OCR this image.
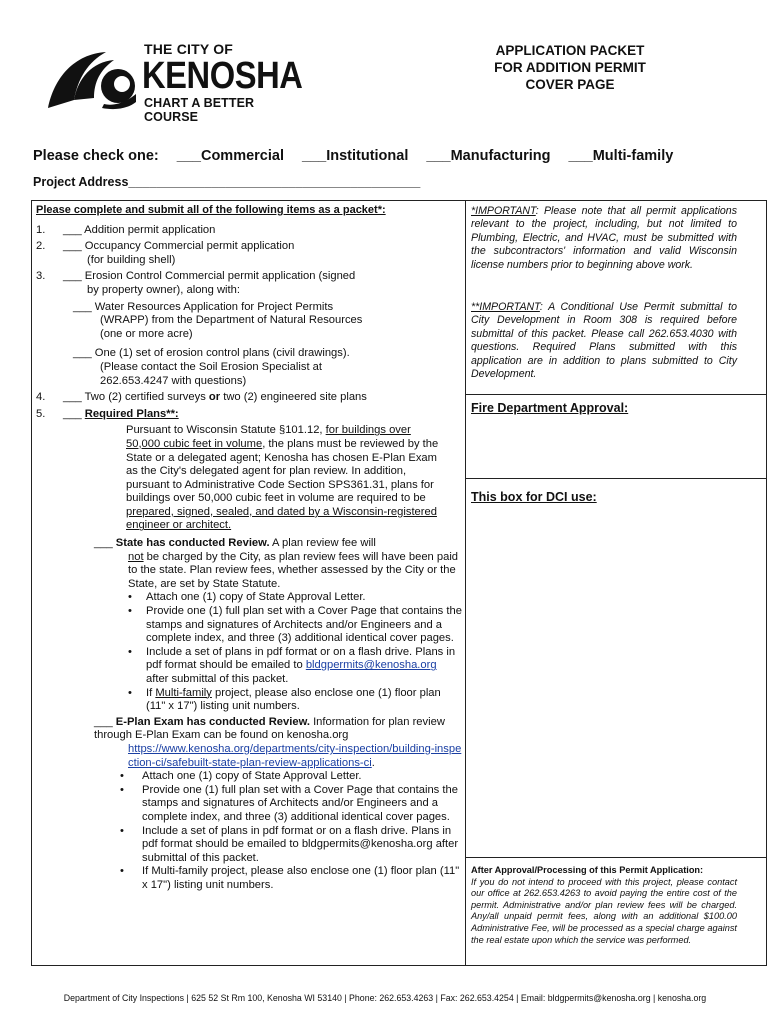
THE CITY OF
KENOSHA
CHART A BETTER COURSE
APPLICATION PACKET
FOR ADDITION PERMIT
COVER PAGE
Please check one: ___Commercial ___Institutional ___Manufacturing ___Multi-family
Project Address__________________________________________
Please complete and submit all of the following items as a packet*:
1. ___ Addition permit application
2. ___ Occupancy Commercial permit application
(for building shell)
3. ___ Erosion Control Commercial permit application (signed
by property owner), along with:
___ Water Resources Application for Project Permits
(WRAPP) from the Department of Natural Resources
(one or more acre)
___ One (1) set of erosion control plans (civil drawings).
(Please contact the Soil Erosion Specialist at
262.653.4247 with questions)
4. ___ Two (2) certified surveys or two (2) engineered site plans
5. ___ Required Plans**:
Pursuant to Wisconsin Statute §101.12, for buildings over 50,000 cubic feet in volume, the plans must be reviewed by the State or a delegated agent; Kenosha has chosen E-Plan Exam as the City's delegated agent for plan review. In addition, pursuant to Administrative Code Section SPS361.31, plans for buildings over 50,000 cubic feet in volume are required to be prepared, signed, sealed, and dated by a Wisconsin-registered engineer or architect.
___ State has conducted Review. A plan review fee will
not be charged by the City, as plan review fees will have been paid to the state. Plan review fees, whether assessed by the City or the State, are set by State Statute.
• Attach one (1) copy of State Approval Letter.
• Provide one (1) full plan set with a Cover Page that contains the stamps and signatures of Architects and/or Engineers and a complete index, and three (3) additional identical cover pages.
• Include a set of plans in pdf format or on a flash drive. Plans in pdf format should be emailed to bldgpermits@kenosha.org after submittal of this packet.
• If Multi-family project, please also enclose one (1) floor plan (11" x 17") listing unit numbers.
___ E-Plan Exam has conducted Review. Information for plan review through E-Plan Exam can be found on kenosha.org
https://www.kenosha.org/departments/city-inspection/building-inspection-ci/safebuilt-state-plan-review-applications-ci.
• Attach one (1) copy of State Approval Letter.
• Provide one (1) full plan set with a Cover Page that contains the stamps and signatures of Architects and/or Engineers and a complete index, and three (3) additional identical cover pages.
• Include a set of plans in pdf format or on a flash drive. Plans in pdf format should be emailed to bldgpermits@kenosha.org after submittal of this packet.
• If Multi-family project, please also enclose one (1) floor plan (11" x 17") listing unit numbers.
*IMPORTANT: Please note that all permit applications relevant to the project, including, but not limited to Plumbing, Electric, and HVAC, must be submitted with the subcontractors' information and valid Wisconsin license numbers prior to beginning above work.
**IMPORTANT: A Conditional Use Permit submittal to City Development in Room 308 is required before submittal of this packet. Please call 262.653.4030 with questions. Required Plans submitted with this application are in addition to plans submitted to City Development.
Fire Department Approval:
This box for DCI use:
After Approval/Processing of this Permit Application:
If you do not intend to proceed with this project, please contact our office at 262.653.4263 to avoid paying the entire cost of the permit. Administrative and/or plan review fees will be charged. Any/all unpaid permit fees, along with an additional $100.00 Administrative Fee, will be processed as a special charge against the real estate upon which the service was performed.
Department of City Inspections | 625 52 St Rm 100, Kenosha WI 53140 | Phone: 262.653.4263 | Fax: 262.653.4254 | Email: bldgpermits@kenosha.org | kenosha.org
